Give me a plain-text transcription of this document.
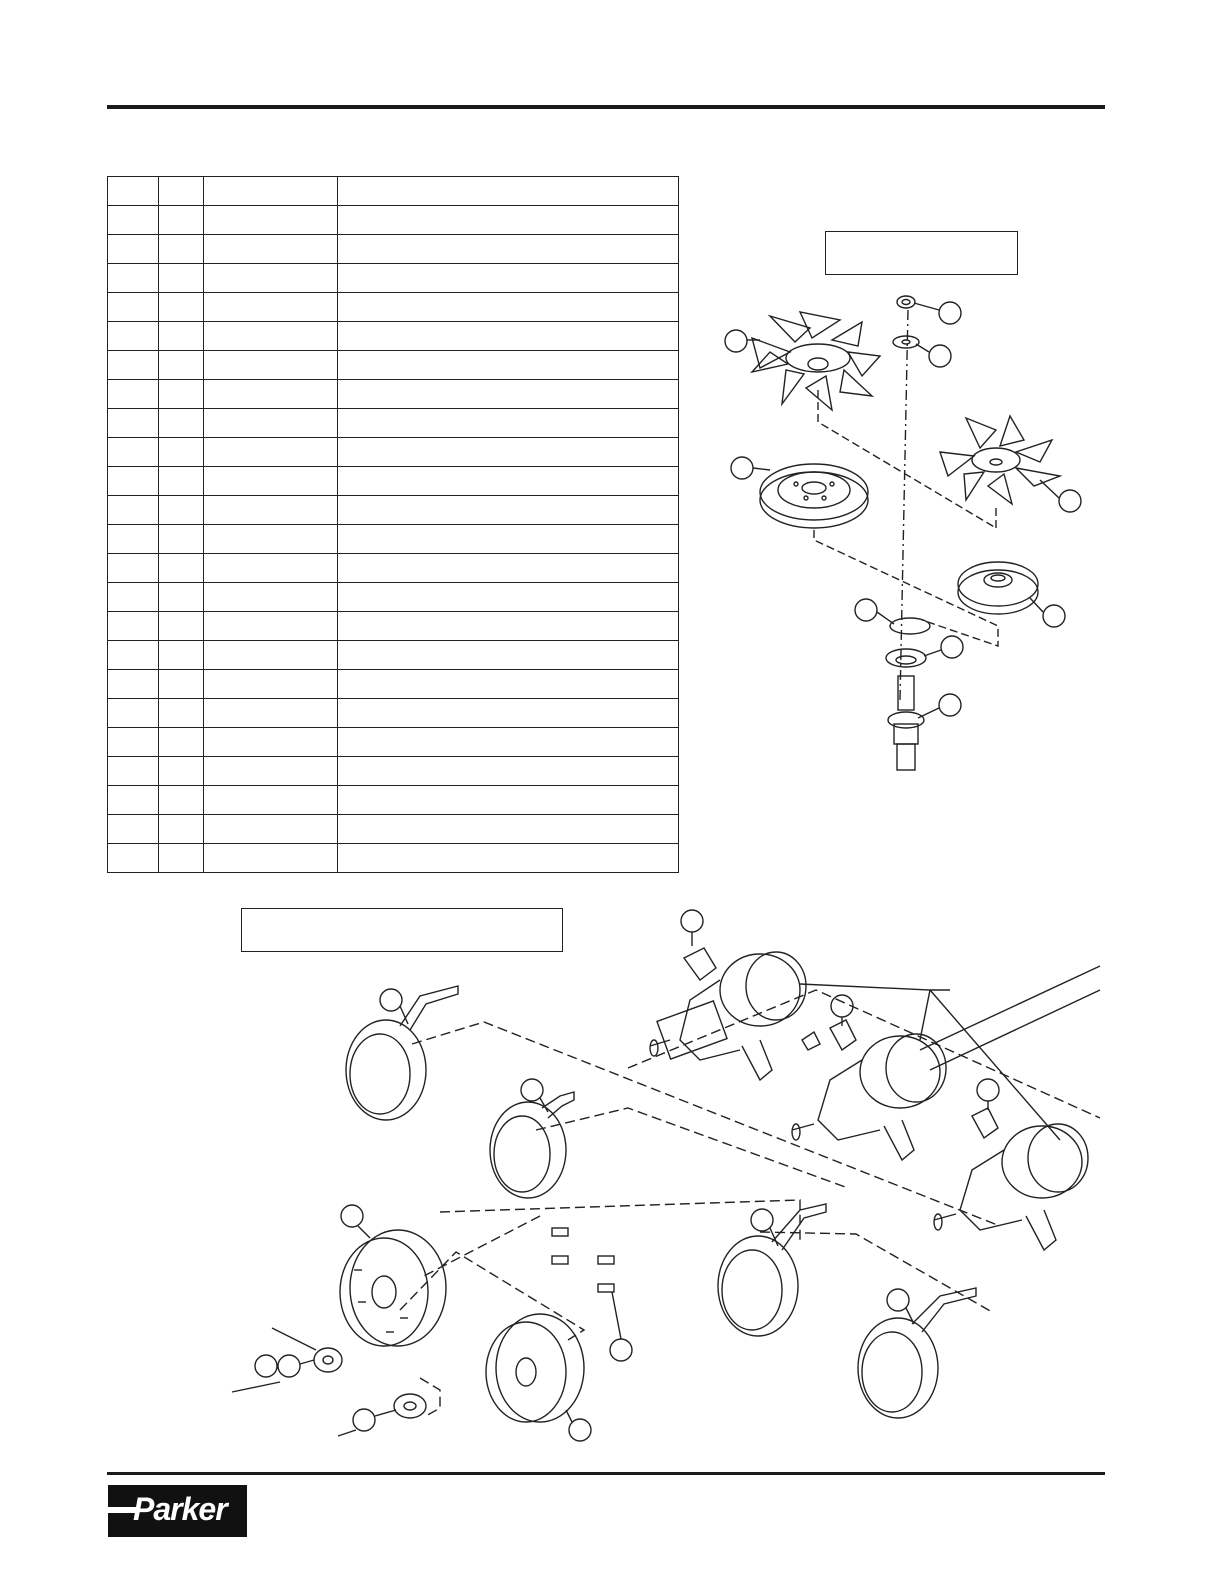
Parker
